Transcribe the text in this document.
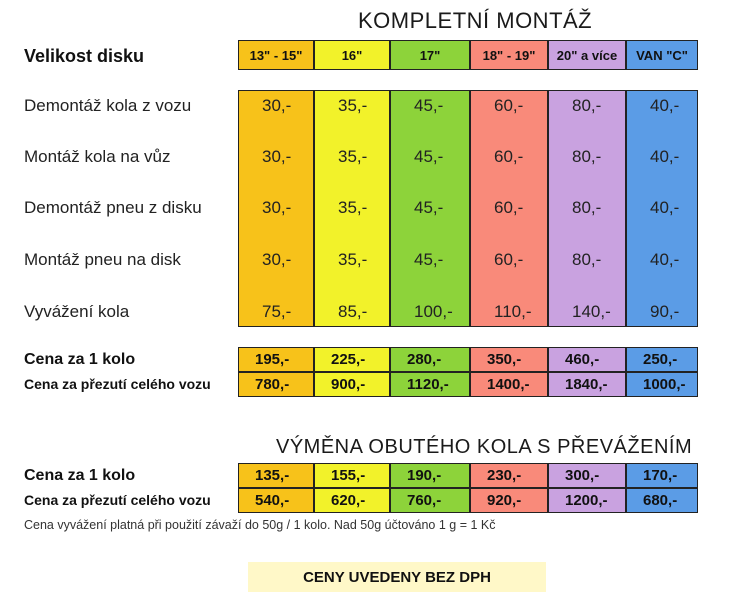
KOMPLETNÍ MONTÁŽ
Velikost disku	13" - 15"	16"	17"	18" - 19"	20" a více	VAN "C"
Demontáž kola z vozu	30,-	35,-	45,-	60,-	80,-	40,-
Montáž kola na vůz	30,-	35,-	45,-	60,-	80,-	40,-
Demontáž pneu z disku	30,-	35,-	45,-	60,-	80,-	40,-
Montáž pneu na disk	30,-	35,-	45,-	60,-	80,-	40,-
Vyvážení kola	75,-	85,-	100,- 110,- 140,- 90,-
VÝMĚNA OBUTÉHO KOLA S PŘEVÁŽENÍM
Cena za 1 kolo	195,-	225,-	280,-	350,-	460,-	250,-
Cena za přezutí celého vozu	780,-	900,-	1120,-	1400,-	1840,-	1000,-
Cena za 1 kolo	135,-	155,-	190,-	230,-	300,-	170,-
Cena za přezutí celého vozu	540,-	620,-	760,-	920,-	1200,-	680,-
Cena vyvážení platná při použití závaží do 50g / 1 kolo. Nad 50g účtováno 1 g = 1 Kč
CENY UVEDENY BEZ DPH
